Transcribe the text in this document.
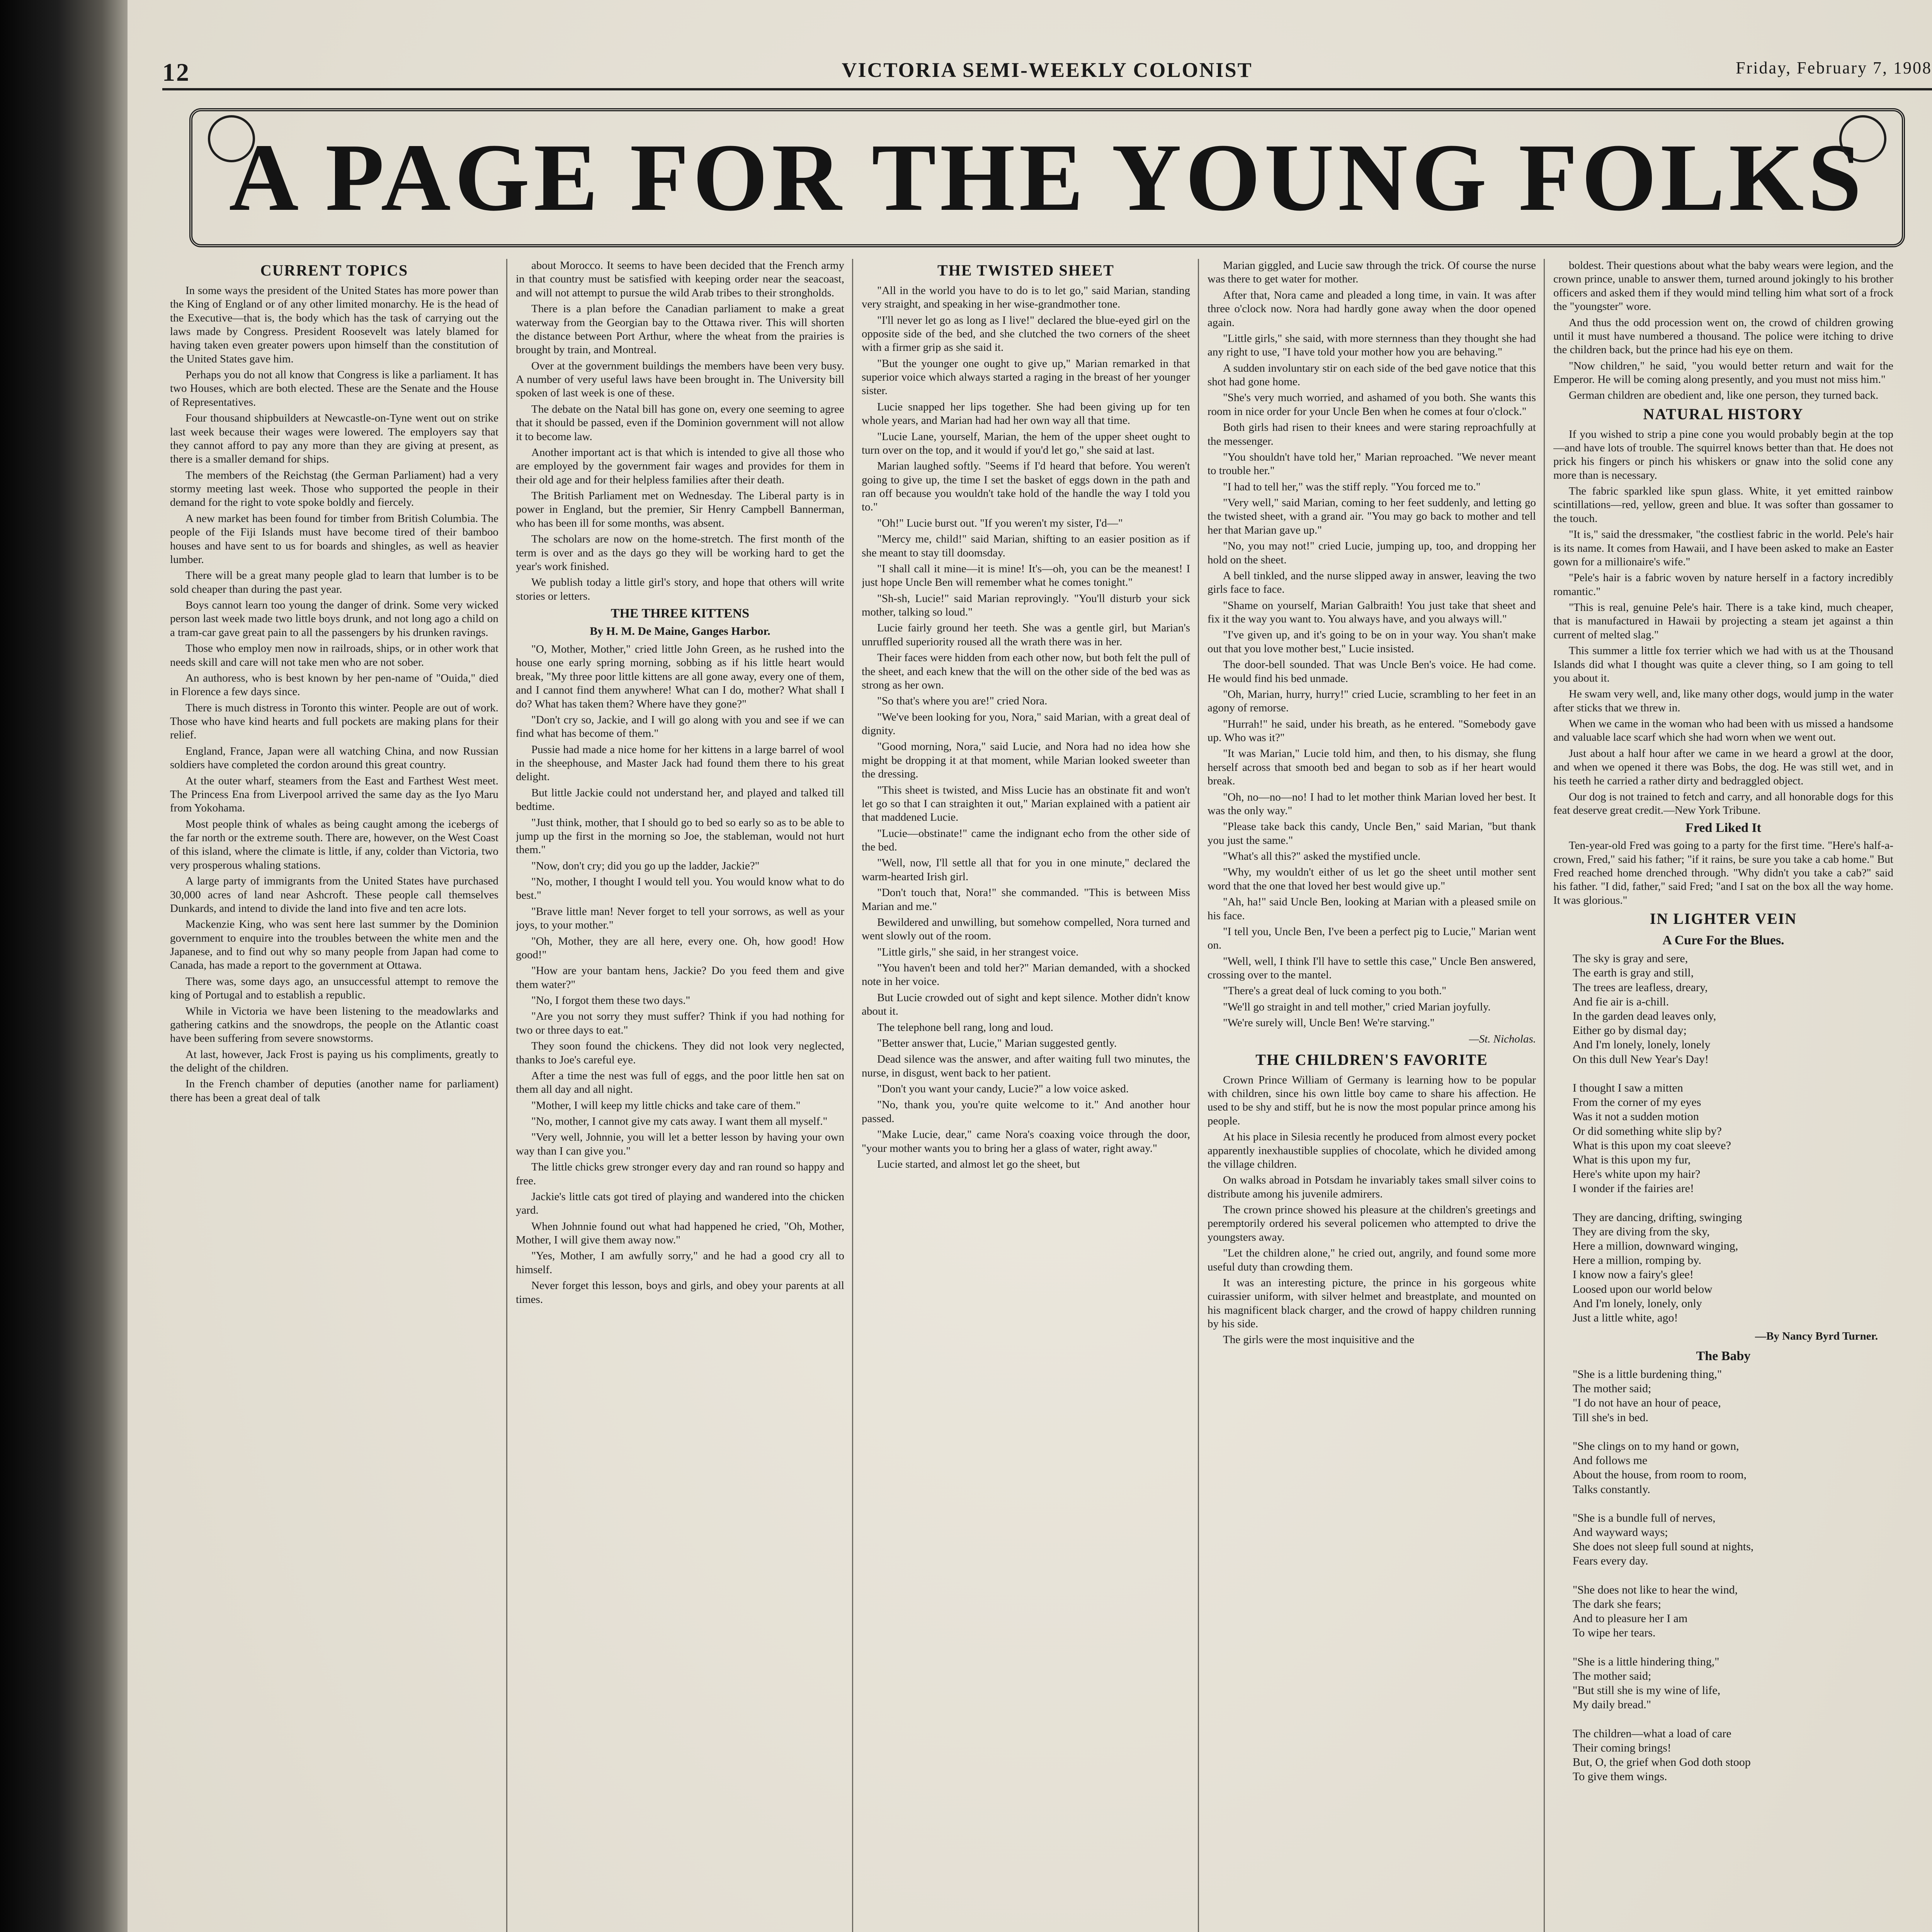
12	VICTORIA SEMI-WEEKLY COLONIST	Friday, February 7, 1908
A PAGE FOR THE YOUNG FOLKS
CURRENT TOPICS

In some ways the president of the United States has more power than the King of England or of any other limited monarchy. He is the head of the Executive—that is, the body which has the task of carrying out the laws made by Congress. President Roosevelt was lately blamed for having taken even greater powers upon himself than the constitution of the United States gave him.

Perhaps you do not all know that Congress is like a parliament. It has two Houses, which are both elected. These are the Senate and the House of Representatives.

Four thousand shipbuilders at Newcastle-on-Tyne went out on strike last week because their wages were lowered. The employers say that they cannot afford to pay any more than they are giving at present, as there is a smaller demand for ships.

The members of the Reichstag (the German Parliament) had a very stormy meeting last week. Those who supported the people in their demand for the right to vote spoke boldly and fiercely.

A new market has been found for timber from British Columbia. The people of the Fiji Islands must have become tired of their bamboo houses and have sent to us for boards and shingles, as well as heavier lumber.

There will be a great many people glad to learn that lumber is to be sold cheaper than during the past year.

Boys cannot learn too young the danger of drink. Some very wicked person last week made two little boys drunk, and not long ago a child on a tram-car gave great pain to all the passengers by his drunken ravings.

Those who employ men now in railroads, ships, or in other work that needs skill and care will not take men who are not sober.

An authoress, who is best known by her pen-name of "Ouida," died in Florence a few days since.

There is much distress in Toronto this winter. People are out of work. Those who have kind hearts and full pockets are making plans for their relief.

England, France, Japan were all watching China, and now Russian soldiers have completed the cordon around this great country.

At the outer wharf, steamers from the East and Farthest West meet. The Princess Ena from Liverpool arrived the same day as the Iyo Maru from Yokohama.

Most people think of whales as being caught among the icebergs of the far north or the extreme south. There are, however, on the West Coast of this island, where the climate is little, if any, colder than Victoria, two very prosperous whaling stations.

A large party of immigrants from the United States have purchased 30,000 acres of land near Ashcroft. These people call themselves Dunkards, and intend to divide the land into five and ten acre lots.

Mackenzie King, who was sent here last summer by the Dominion government to enquire into the troubles between the white men and the Japanese, and to find out why so many people from Japan had come to Canada, has made a report to the government at Ottawa.

There was, some days ago, an unsuccessful attempt to remove the king of Portugal and to establish a republic.

While in Victoria we have been listening to the meadowlarks and gathering catkins and the snowdrops, the people on the Atlantic coast have been suffering from severe snowstorms.

At last, however, Jack Frost is paying us his compliments, greatly to the delight of the children.

In the French chamber of deputies (another name for parliament) there has been a great deal of talk

about Morocco. It seems to have been decided that the French army in that country must be satisfied with keeping order near the seacoast, and will not attempt to pursue the wild Arab tribes to their strongholds.

There is a plan before the Canadian parliament to make a great waterway from the Georgian bay to the Ottawa river. This will shorten the distance between Port Arthur, where the wheat from the prairies is brought by train, and Montreal.

Over at the government buildings the members have been very busy. A number of very useful laws have been brought in. The University bill spoken of last week is one of these.

The debate on the Natal bill has gone on, every one seeming to agree that it should be passed, even if the Dominion government will not allow it to become law.

Another important act is that which is intended to give all those who are employed by the government fair wages and provides for them in their old age and for their helpless families after their death.

The British Parliament met on Wednesday. The Liberal party is in power in England, but the premier, Sir Henry Campbell Bannerman, who has been ill for some months, was absent.

The scholars are now on the home-stretch. The first month of the term is over and as the days go they will be working hard to get the year's work finished.

We publish today a little girl's story, and hope that others will write stories or letters.

THE THREE KITTENS
By H. M. De Maine, Ganges Harbor.

"O, Mother, Mother," cried little John Green, as he rushed into the house one early spring morning, sobbing as if his little heart would break, "My three poor little kittens are all gone away, every one of them, and I cannot find them anywhere! What can I do, mother? What shall I do? What has taken them? Where have they gone?"

"Don't cry so, Jackie, and I will go along with you and see if we can find what has become of them."

Pussie had made a nice home for her kittens in a large barrel of wool in the sheephouse, and Master Jack had found them there to his great delight.

But little Jackie could not understand her, and played and talked till bedtime.

"Just think, mother, that I should go to bed so early so as to be able to jump up the first in the morning so Joe, the stableman, would not hurt them."

"Now, don't cry; did you go up the ladder, Jackie?"

"No, mother, I thought I would tell you. You would know what to do best."

"Brave little man! Never forget to tell your sorrows, as well as your joys, to your mother."

"Oh, Mother, they are all here, every one. Oh, how good! How good!"

"How are your bantam hens, Jackie? Do you feed them and give them water?"

"No, I forgot them these two days."

"Are you not sorry they must suffer? Think if you had nothing for two or three days to eat."

They soon found the chickens. They did not look very neglected, thanks to Joe's careful eye.

After a time the nest was full of eggs, and the poor little hen sat on them all day and all night.

"Mother, I will keep my little chicks and take care of them."

"No, mother, I cannot give my cats away. I want them all myself."

"Very well, Johnnie, you will let a better lesson by having your own way than I can give you."

The little chicks grew stronger every day and ran round so happy and free.

Jackie's little cats got tired of playing and wandered into the chicken yard.

When Johnnie found out what had happened he cried, "Oh, Mother, Mother, I will give them away now."

"Yes, Mother, I am awfully sorry," and he had a good cry all to himself.

Never forget this lesson, boys and girls, and obey your parents at all times.

THE TWISTED SHEET

"All in the world you have to do is to let go," said Marian, standing very straight, and speaking in her wise-grandmother tone.

"I'll never let go as long as I live!" declared the blue-eyed girl on the opposite side of the bed, and she clutched the two corners of the sheet with a firmer grip as she said it.

"But the younger one ought to give up," Marian remarked in that superior voice which always started a raging in the breast of her younger sister.

Lucie snapped her lips together. She had been giving up for ten whole years, and Marian had had her own way all that time.

"Lucie Lane, yourself, Marian, the hem of the upper sheet ought to turn over on the top, and it would if you'd let go," she said at last.

Marian laughed softly. "Seems if I'd heard that before. You weren't going to give up, the time I set the basket of eggs down in the path and ran off because you wouldn't take hold of the handle the way I told you to."

"Oh!" Lucie burst out. "If you weren't my sister, I'd—"

"Mercy me, child!" said Marian, shifting to an easier position as if she meant to stay till doomsday.

"I shall call it mine—it is mine! It's—oh, you can be the meanest! I just hope Uncle Ben will remember what he comes tonight."

"Sh-sh, Lucie!" said Marian reprovingly. "You'll disturb your sick mother, talking so loud."

Lucie fairly ground her teeth. She was a gentle girl, but Marian's unruffled superiority roused all the wrath there was in her.

Their faces were hidden from each other now, but both felt the pull of the sheet, and each knew that the will on the other side of the bed was as strong as her own.

"So that's where you are!" cried Nora.

"We've been looking for you, Nora," said Marian, with a great deal of dignity.

"Good morning, Nora," said Lucie, and Nora had no idea how she might be dropping it at that moment, while Marian looked sweeter than the dressing.

"This sheet is twisted, and Miss Lucie has an obstinate fit and won't let go so that I can straighten it out," Marian explained with a patient air that maddened Lucie.

"Lucie—obstinate!" came the indignant echo from the other side of the bed.

"Well, now, I'll settle all that for you in one minute," declared the warm-hearted Irish girl.

"Don't touch that, Nora!" she commanded. "This is between Miss Marian and me."

Bewildered and unwilling, but somehow compelled, Nora turned and went slowly out of the room.

"Little girls," she said, in her strangest voice.

"You haven't been and told her?" Marian demanded, with a shocked note in her voice.

But Lucie crowded out of sight and kept silence. Mother didn't know about it.

The telephone bell rang, long and loud.

"Better answer that, Lucie," Marian suggested gently.

Dead silence was the answer, and after waiting full two minutes, the nurse, in disgust, went back to her patient.

"Don't you want your candy, Lucie?" a low voice asked.

"No, thank you, you're quite welcome to it." And another hour passed.

"Make Lucie, dear," came Nora's coaxing voice through the door, "your mother wants you to bring her a glass of water, right away."

Lucie started, and almost let go the sheet, but

Marian giggled, and Lucie saw through the trick. Of course the nurse was there to get water for mother.

After that, Nora came and pleaded a long time, in vain. It was after three o'clock now. Nora had hardly gone away when the door opened again.

"Little girls," she said, with more sternness than they thought she had any right to use, "I have told your mother how you are behaving."

A sudden involuntary stir on each side of the bed gave notice that this shot had gone home.

"She's very much worried, and ashamed of you both. She wants this room in nice order for your Uncle Ben when he comes at four o'clock."

Both girls had risen to their knees and were staring reproachfully at the messenger.

"You shouldn't have told her," Marian reproached. "We never meant to trouble her."

"I had to tell her," was the stiff reply. "You forced me to."

"Very well," said Marian, coming to her feet suddenly, and letting go the twisted sheet, with a grand air. "You may go back to mother and tell her that Marian gave up."

"No, you may not!" cried Lucie, jumping up, too, and dropping her hold on the sheet.

A bell tinkled, and the nurse slipped away in answer, leaving the two girls face to face.

"Shame on yourself, Marian Galbraith! You just take that sheet and fix it the way you want to. You always have, and you always will."

"I've given up, and it's going to be on in your way. You shan't make out that you love mother best," Lucie insisted.

The door-bell sounded. That was Uncle Ben's voice. He had come. He would find his bed unmade.

"Oh, Marian, hurry, hurry!" cried Lucie, scrambling to her feet in an agony of remorse.

"Hurrah!" he said, under his breath, as he entered. "Somebody gave up. Who was it?"

"It was Marian," Lucie told him, and then, to his dismay, she flung herself across that smooth bed and began to sob as if her heart would break.

"Oh, no—no—no! I had to let mother think Marian loved her best. It was the only way."

"Please take back this candy, Uncle Ben," said Marian, "but thank you just the same."

"What's all this?" asked the mystified uncle.

"Why, my wouldn't either of us let go the sheet until mother sent word that the one that loved her best would give up."

"Ah, ha!" said Uncle Ben, looking at Marian with a pleased smile on his face.

"I tell you, Uncle Ben, I've been a perfect pig to Lucie," Marian went on.

"Well, well, I think I'll have to settle this case," Uncle Ben answered, crossing over to the mantel.

"There's a great deal of luck coming to you both."

"We'll go straight in and tell mother," cried Marian joyfully.

"We're surely will, Uncle Ben! We're starving."

—St. Nicholas.
THE CHILDREN'S FAVORITE

Crown Prince William of Germany is learning how to be popular with children, since his own little boy came to share his affection. He used to be shy and stiff, but he is now the most popular prince among his people.

At his place in Silesia recently he produced from almost every pocket apparently inexhaustible supplies of chocolate, which he divided among the village children.

On walks abroad in Potsdam he invariably takes small silver coins to distribute among his juvenile admirers.

The crown prince showed his pleasure at the children's greetings and peremptorily ordered his several policemen who attempted to drive the youngsters away.

"Let the children alone," he cried out, angrily, and found some more useful duty than crowding them.

It was an interesting picture, the prince in his gorgeous white cuirassier uniform, with silver helmet and breastplate, and mounted on his magnificent black charger, and the crowd of happy children running by his side.

The girls were the most inquisitive and the

boldest. Their questions about what the baby wears were legion, and the crown prince, unable to answer them, turned around jokingly to his brother officers and asked them if they would mind telling him what sort of a frock the "youngster" wore.

And thus the odd procession went on, the crowd of children growing until it must have numbered a thousand. The police were itching to drive the children back, but the prince had his eye on them.

"Now children," he said, "you would better return and wait for the Emperor. He will be coming along presently, and you must not miss him."

German children are obedient and, like one person, they turned back.

NATURAL HISTORY

If you wished to strip a pine cone you would probably begin at the top—and have lots of trouble. The squirrel knows better than that. He does not prick his fingers or pinch his whiskers or gnaw into the solid cone any more than is necessary.

The fabric sparkled like spun glass. White, it yet emitted rainbow scintillations—red, yellow, green and blue. It was softer than gossamer to the touch.

"It is," said the dressmaker, "the costliest fabric in the world. Pele's hair is its name. It comes from Hawaii, and I have been asked to make an Easter gown for a millionaire's wife."

"Pele's hair is a fabric woven by nature herself in a factory incredibly romantic."

"This is real, genuine Pele's hair. There is a take kind, much cheaper, that is manufactured in Hawaii by projecting a steam jet against a thin current of melted slag."

This summer a little fox terrier which we had with us at the Thousand Islands did what I thought was quite a clever thing, so I am going to tell you about it.

He swam very well, and, like many other dogs, would jump in the water after sticks that we threw in.

When we came in the woman who had been with us missed a handsome and valuable lace scarf which she had worn when we went out.

Just about a half hour after we came in we heard a growl at the door, and when we opened it there was Bobs, the dog. He was still wet, and in his teeth he carried a rather dirty and bedraggled object.

Our dog is not trained to fetch and carry, and all honorable dogs for this feat deserve great credit.—New York Tribune.

Fred Liked It

Ten-year-old Fred was going to a party for the first time. "Here's half-a-crown, Fred," said his father; "if it rains, be sure you take a cab home." But Fred reached home drenched through. "Why didn't you take a cab?" said his father. "I did, father," said Fred; "and I sat on the box all the way home. It was glorious."

IN LIGHTER VEIN
A Cure For the Blues.
The sky is gray and sere,
The earth is gray and still,
The trees are leafless, dreary,
And fie air is a-chill.
In the garden dead leaves only,
Either go by dismal day;
And I'm lonely, lonely, lonely
On this dull New Year's Day!

I thought I saw a mitten
From the corner of my eyes
Was it not a sudden motion
Or did something white slip by?
What is this upon my coat sleeve?
What is this upon my fur,
Here's white upon my hair?
I wonder if the fairies are!

They are dancing, drifting, swinging
They are diving from the sky,
Here a million, downward winging,
Here a million, romping by.
I know now a fairy's glee!
Loosed upon our world below
And I'm lonely, lonely, only
Just a little white, ago!
—By Nancy Byrd Turner.
The Baby
"She is a little burdening thing,"
The mother said;
"I do not have an hour of peace,
Till she's in bed.

"She clings on to my hand or gown,
And follows me
About the house, from room to room,
Talks constantly.

"She is a bundle full of nerves,
And wayward ways;
She does not sleep full sound at nights,
Fears every day.

"She does not like to hear the wind,
The dark she fears;
And to pleasure her I am
To wipe her tears.

"She is a little hindering thing,"
The mother said;
"But still she is my wine of life,
My daily bread."

The children—what a load of care
Their coming brings!
But, O, the grief when God doth stoop
To give them wings.
